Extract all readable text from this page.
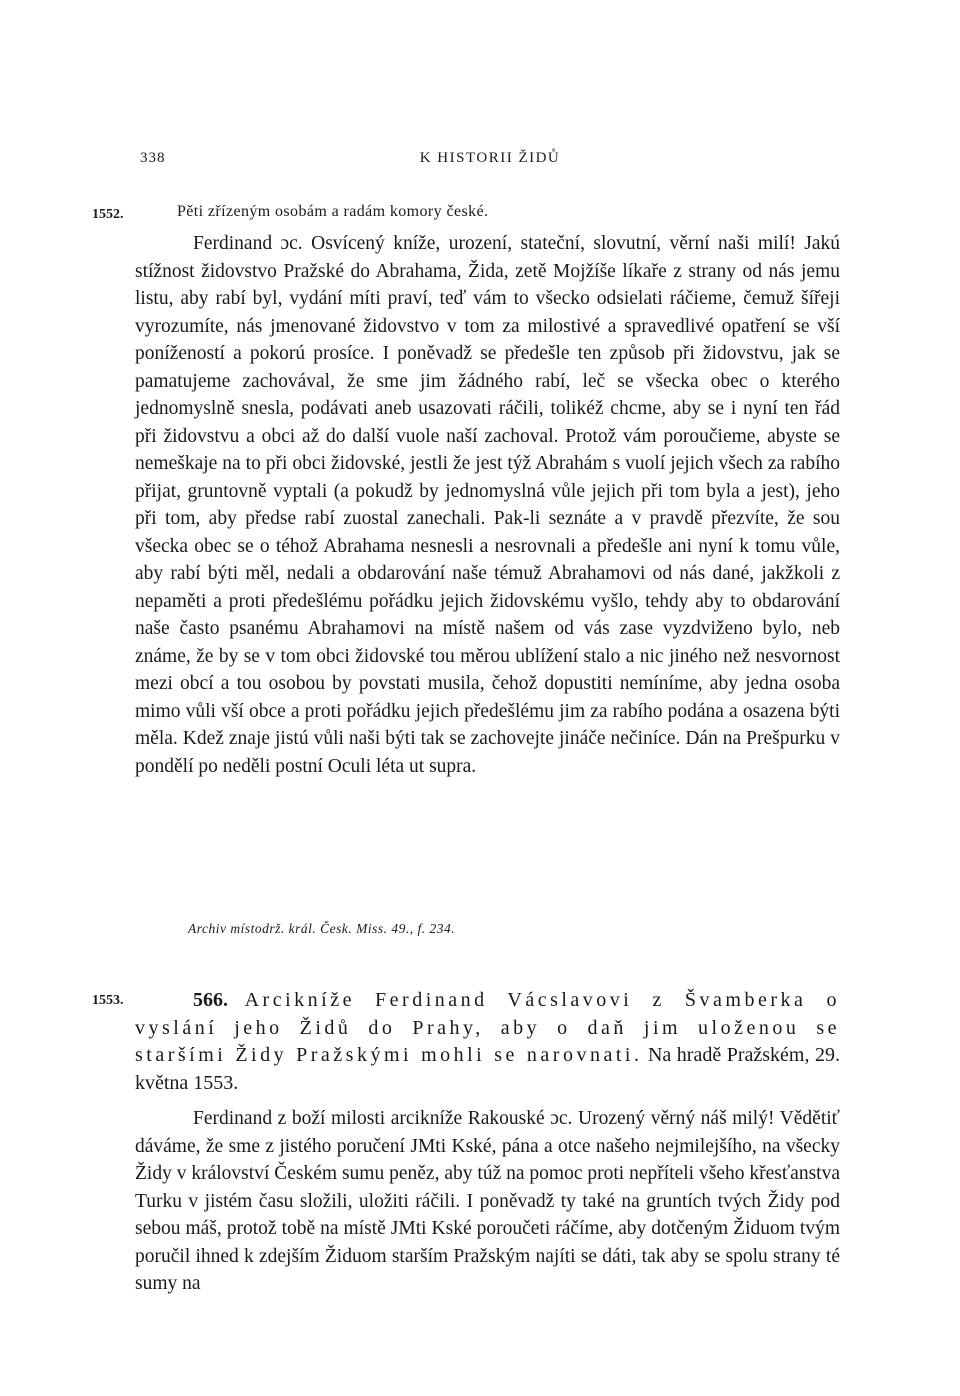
338	K HISTORII ŽIDŮ
1552.	Pěti zřízeným osobám a radám komory české.

Ferdinand ɔc. Osvícený kníže, urození, stateční, slovutní, věrní naši milí! Jakú stížnost židovstvo Pražské do Abrahama, Žida, zetě Mojžíše líkaře z strany od nás jemu listu, aby rabí byl, vydání míti praví, teď vám to všecko odsielati ráčieme, čemuž šířeji vyrozumíte, nás jmenované židovstvo v tom za milostivé a spravedlivé opatření se vší ponížeností a pokorú prosíce. I poněvadž se předešle ten způsob při židovstvu, jak se pamatujeme zachovával, že sme jim žádného rabí, leč se všecka obec o kterého jednomyslně snesla, podávati aneb usazovati ráčili, tolikéž chcme, aby se i nyní ten řád při židovstvu a obci až do další vuole naší zachoval. Protož vám poroučieme, abyste se nemeškaje na to při obci židovské, jestli že jest týž Abrahám s vuolí jejich všech za rabího přijat, gruntovně vyptali (a pokudž by jednomyslná vůle jejich při tom byla a jest), jeho při tom, aby předse rabí zuostal zanechali. Pak-li seznáte a v pravdě přezvíte, že sou všecka obec se o téhož Abrahama nesnesli a nesrovnali a předešle ani nyní k tomu vůle, aby rabí býti měl, nedali a obdarování naše témuž Abrahamovi od nás dané, jakžkoli z nepaměti a proti předešlému pořádku jejich židovskému vyšlo, tehdy aby to obdarování naše často psanému Abrahamovi na místě našem od vás zase vyzdviženo bylo, neb známe, že by se v tom obci židovské tou měrou ublížení stalo a nic jiného než nesvornost mezi obcí a tou osobou by povstati musila, čehož dopustiti nemíníme, aby jedna osoba mimo vůli vší obce a proti pořádku jejich předešlému jim za rabího podána a osazena býti měla. Kdež znaje jistú vůli naši býti tak se zachovejte jináče nečiníce. Dán na Prešpurku v pondělí po neděli postní Oculi léta ut supra.

Archiv místodrž. král. Česk. Miss. 49., f. 234.
1553.	566. Arcikníže Ferdinand Vácslavovi z Švamberka o vyslání jeho Židů do Prahy, aby o daň jim uloženou se staršími Židy Pražskými mohli se narovnati. Na hradě Pražském, 29. května 1553.

Ferdinand z boží milosti arcikníže Rakouské ɔc. Urozený věrný náš milý! Vědětiť dáváme, že sme z jistého poručení JMti Kské, pána a otce našeho nejmilejšího, na všecky Židy v království Českém sumu peněz, aby túž na pomoc proti nepříteli všeho křesťanstva Turku v jistém času složili, uložiti ráčili. I poněvadž ty také na gruntích tvých Židy pod sebou máš, protož tobě na místě JMti Kské poroučeti ráčíme, aby dotčeným Židuom tvým poručil ihned k zdejším Židuom starším Pražským najíti se dáti, tak aby se spolu strany té sumy na
